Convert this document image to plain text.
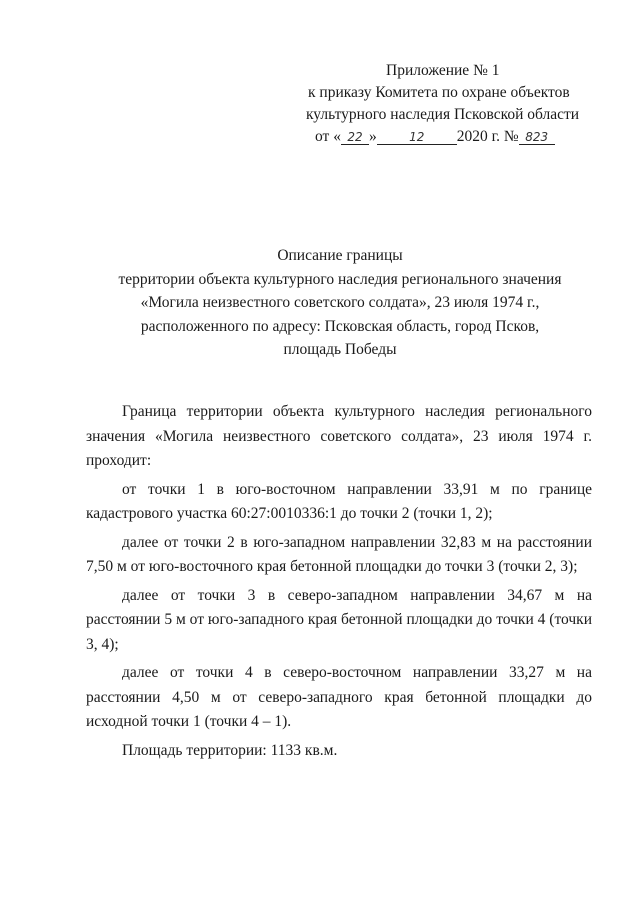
Приложение № 1
к приказу Комитета по охране объектов
культурного наследия Псковской области
от « 22 »	12 2020 г. № 823
Описание границы
территории объекта культурного наследия регионального значения
«Могила неизвестного советского солдата», 23 июля 1974 г.,
расположенного по адресу: Псковская область, город Псков,
площадь Победы

Граница территории объекта культурного наследия регионального значения «Могила неизвестного советского солдата», 23 июля 1974 г. проходит:

от точки 1 в юго-восточном направлении 33,91 м по границе кадастрового участка 60:27:0010336:1 до точки 2 (точки 1, 2);

далее от точки 2 в юго-западном направлении 32,83 м на расстоянии 7,50 м от юго-восточного края бетонной площадки до точки 3 (точки 2, 3);

далее от точки 3 в северо-западном направлении 34,67 м на расстоянии 5 м от юго-западного края бетонной площадки до точки 4 (точки 3, 4);

далее от точки 4 в северо-восточном направлении 33,27 м на расстоянии 4,50 м от северо-западного края бетонной площадки до исходной точки 1 (точки 4 – 1).

Площадь территории: 1133 кв.м.
